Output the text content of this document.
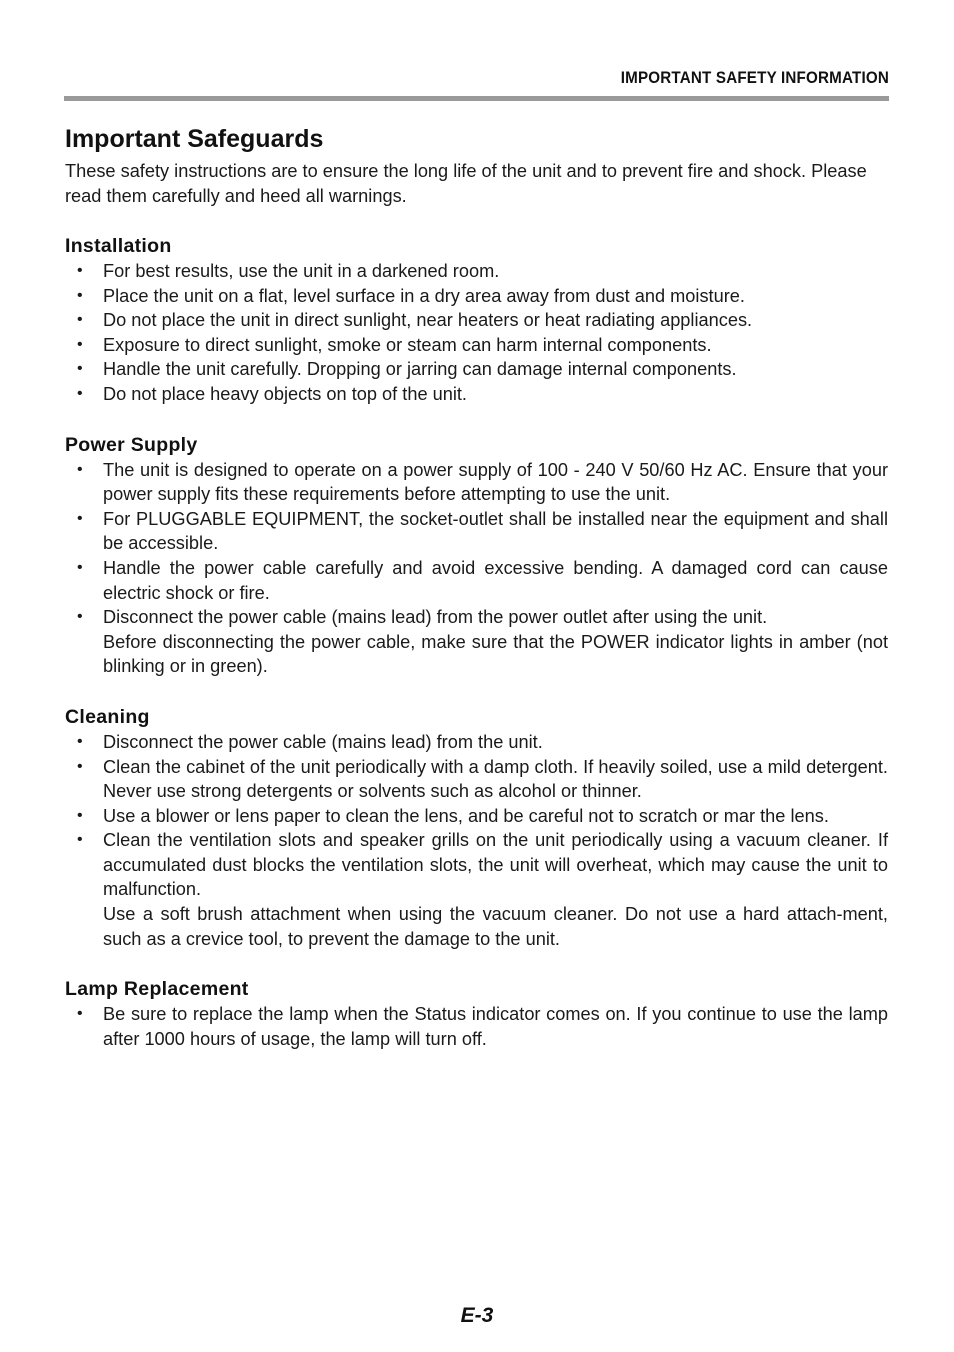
IMPORTANT SAFETY INFORMATION
Important Safeguards

These safety instructions are to ensure the long life of the unit and to prevent fire and shock. Please read them carefully and heed all warnings.

Installation
• For best results, use the unit in a darkened room.
• Place the unit on a flat, level surface in a dry area away from dust and moisture.
• Do not place the unit in direct sunlight, near heaters or heat radiating appliances.
• Exposure to direct sunlight, smoke or steam can harm internal components.
• Handle the unit carefully. Dropping or jarring can damage internal components.
• Do not place heavy objects on top of the unit.
Power Supply
• The unit is designed to operate on a power supply of 100 - 240 V 50/60 Hz AC. Ensure that your power supply fits these requirements before attempting to use the unit.
• For PLUGGABLE EQUIPMENT, the socket-outlet shall be installed near the equipment and shall be accessible.
• Handle the power cable carefully and avoid excessive bending. A damaged cord can cause electric shock or fire.
• Disconnect the power cable (mains lead) from the power outlet after using the unit.
Before disconnecting the power cable, make sure that the POWER indicator lights in amber (not blinking or in green).
Cleaning
• Disconnect the power cable (mains lead) from the unit.
• Clean the cabinet of the unit periodically with a damp cloth. If heavily soiled, use a mild detergent. Never use strong detergents or solvents such as alcohol or thinner.
• Use a blower or lens paper to clean the lens, and be careful not to scratch or mar the lens.
• Clean the ventilation slots and speaker grills on the unit periodically using a vacuum cleaner. If accumulated dust blocks the ventilation slots, the unit will overheat, which may cause the unit to malfunction.
Use a soft brush attachment when using the vacuum cleaner. Do not use a hard attach-ment, such as a crevice tool, to prevent the damage to the unit.
Lamp Replacement
• Be sure to replace the lamp when the Status indicator comes on. If you continue to use the lamp after 1000 hours of usage, the lamp will turn off.
E-3
